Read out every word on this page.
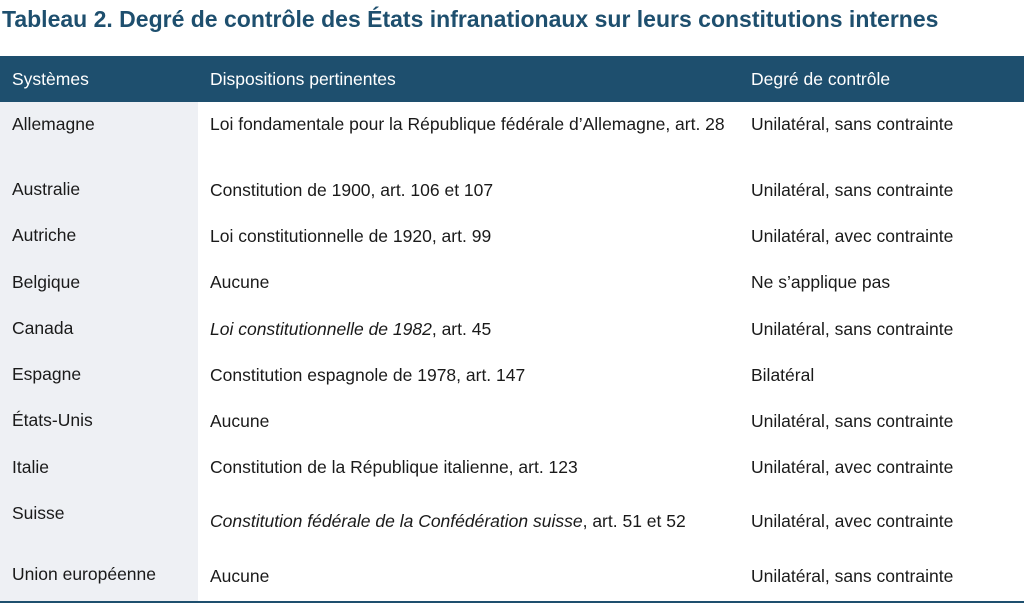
Tableau 2. Degré de contrôle des États infranationaux sur leurs constitutions internes
Systèmes	Dispositions pertinentes	Degré de contrôle
Allemagne	Loi fondamentale pour la République fédérale d’Allemagne, art. 28	Unilatéral, sans contrainte
Australie	Constitution de 1900, art. 106 et 107	Unilatéral, sans contrainte
Autriche	Loi constitutionnelle de 1920, art. 99	Unilatéral, avec contrainte
Belgique	Aucune	Ne s’applique pas
Canada	Loi constitutionnelle de 1982, art. 45	Unilatéral, sans contrainte
Espagne	Constitution espagnole de 1978, art. 147	Bilatéral
États-Unis	Aucune	Unilatéral, sans contrainte
Italie	Constitution de la République italienne, art. 123	Unilatéral, avec contrainte
Suisse	Constitution fédérale de la Confédération suisse, art. 51 et 52	Unilatéral, avec contrainte
Union européenne	Aucune	Unilatéral, sans contrainte
